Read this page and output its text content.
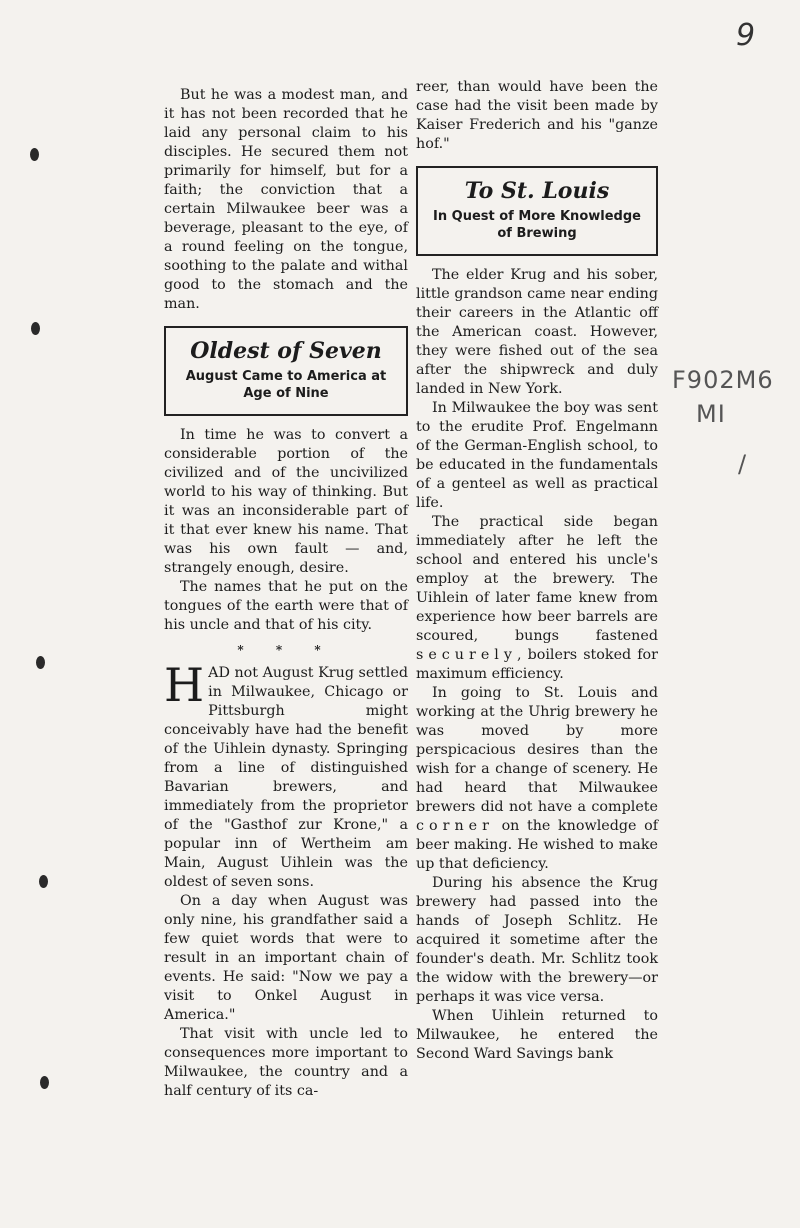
9
F902M6
MI
/

But he was a modest man, and it has not been recorded that he laid any personal claim to his disciples. He secured them not primarily for himself, but for a faith; the conviction that a certain Milwaukee beer was a beverage, pleasant to the eye, of a round feeling on the tongue, soothing to the palate and withal good to the stomach and the man.

Oldest of Seven
August Came to America at Age of Nine

In time he was to convert a considerable portion of the civilized and of the uncivilized world to his way of thinking. But it was an inconsiderable part of it that ever knew his name. That was his own fault — and, strangely enough, desire.

The names that he put on the tongues of the earth were that of his uncle and that of his city.

* * *

HAD not August Krug settled in Milwaukee, Chicago or Pittsburgh might conceivably have had the benefit of the Uihlein dynasty. Springing from a line of distinguished Bavarian brewers, and immediately from the proprietor of the "Gasthof zur Krone," a popular inn of Wertheim am Main, August Uihlein was the oldest of seven sons.

On a day when August was only nine, his grandfather said a few quiet words that were to result in an important chain of events. He said: "Now we pay a visit to Onkel August in America."

That visit with uncle led to consequences more important to Milwaukee, the country and a half century of its ca-

reer, than would have been the case had the visit been made by Kaiser Frederich and his "ganze hof."

To St. Louis
In Quest of More Knowledge of Brewing

The elder Krug and his sober, little grandson came near ending their careers in the Atlantic off the American coast. However, they were fished out of the sea after the shipwreck and duly landed in New York.

In Milwaukee the boy was sent to the erudite Prof. Engelmann of the German-English school, to be educated in the fundamentals of a genteel as well as practical life.

The practical side began immediately after he left the school and entered his uncle's employ at the brewery. The Uihlein of later fame knew from experience how beer barrels are scoured, bungs fastened securely, boilers stoked for maximum efficiency.

In going to St. Louis and working at the Uhrig brewery he was moved by more perspicacious desires than the wish for a change of scenery. He had heard that Milwaukee brewers did not have a complete corner on the knowledge of beer making. He wished to make up that deficiency.

During his absence the Krug brewery had passed into the hands of Joseph Schlitz. He acquired it sometime after the founder's death. Mr. Schlitz took the widow with the brewery—or perhaps it was vice versa.

When Uihlein returned to Milwaukee, he entered the Second Ward Savings bank
